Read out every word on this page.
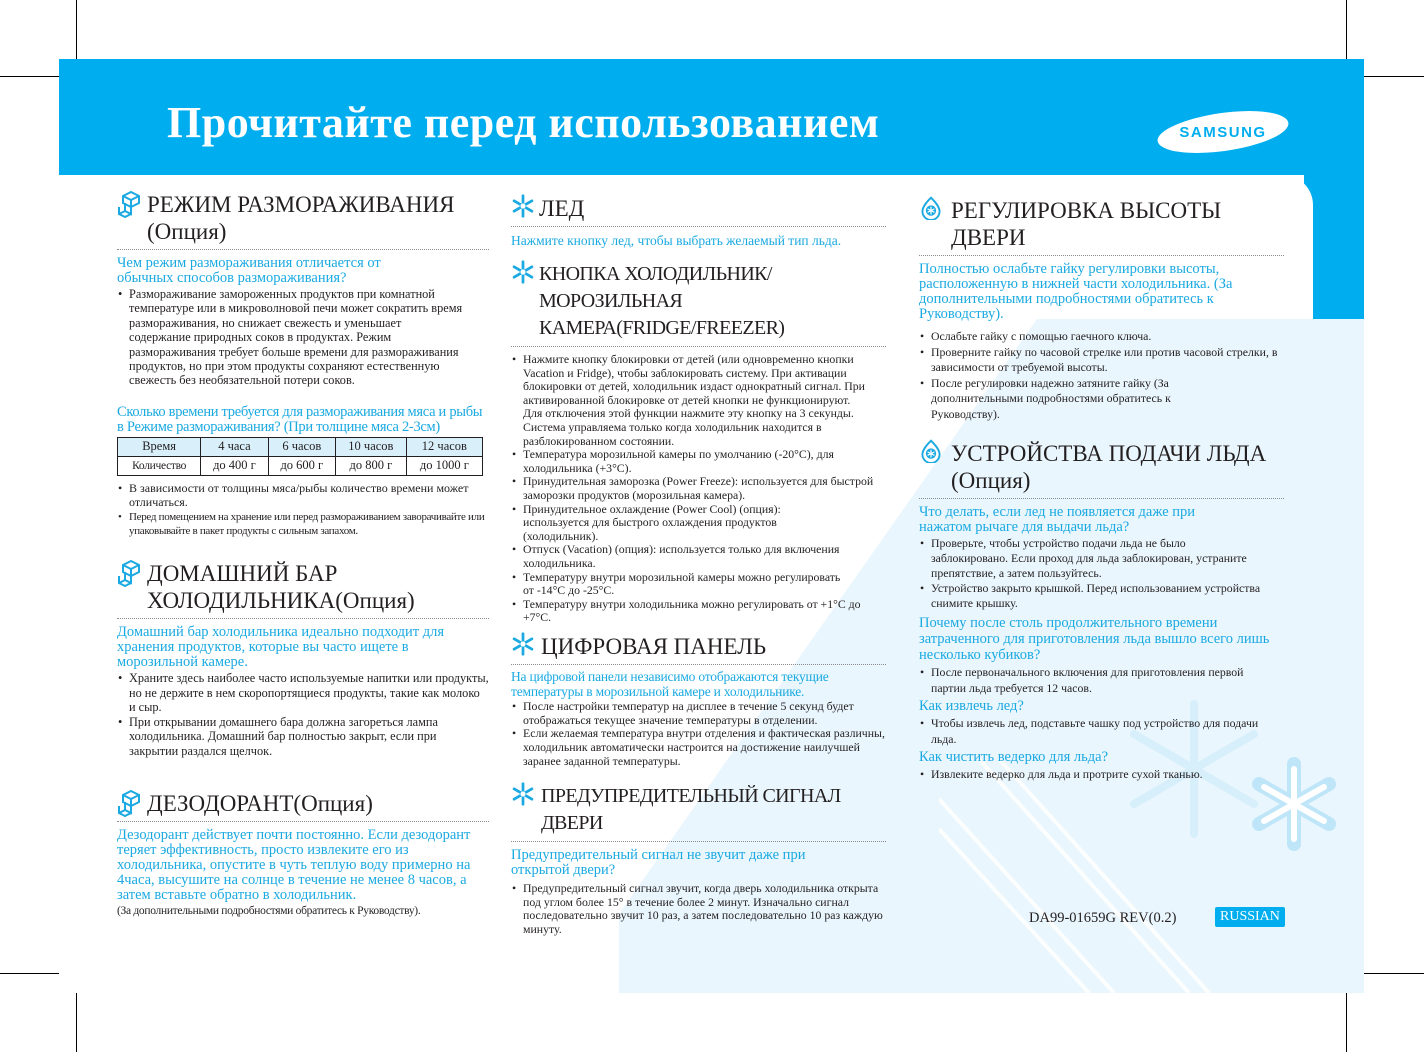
Прочитайте перед использованием	SAMSUNG
РЕЖИМ РАЗМОРАЖИВАНИЯ
(Опция)
Чем режим размораживания отличается от обычных способов размораживания?
• Размораживание замороженных продуктов при комнатной температуре или в микроволновой печи может сократить время размораживания, но снижает свежесть и уменьшает содержание природных соков в продуктах. Режим размораживания требует больше времени для размораживания продуктов, но при этом продукты сохраняют естественную свежесть без необязательной потери соков.
Сколько времени требуется для размораживания мяса и рыбы в Режиме размораживания? (При толщине мяса 2-3см)
Время	4 часа	6 часов	10 часов	12 часов
Количество	до 400 г	до 600 г	до 800 г	до 1000 г
• В зависимости от толщины мяса/рыбы количество времени может отличаться.
• Перед помещением на хранение или перед размораживанием заворачивайте или упаковывайте в пакет продукты с сильным запахом.
ДОМАШНИЙ БАР
ХОЛОДИЛЬНИКА(Опция)
Домашний бар холодильника идеально подходит для хранения продуктов, которые вы часто ищете в морозильной камере.
• Храните здесь наиболее часто используемые напитки или продукты, но не держите в нем скоропортящиеся продукты, такие как молоко и сыр.
• При открывании домашнего бара должна загореться лампа холодильника. Домашний бар полностью закрыт, если при закрытии раздался щелчок.
ДЕЗОДОРАНТ(Опция)
Дезодорант действует почти постоянно. Если дезодорант теряет эффективность, просто извлеките его из холодильника, опустите в чуть теплую воду примерно на 4часа, высушите на солнце в течение не менее 8 часов, а затем вставьте обратно в холодильник.
(За дополнительными подробностями обратитесь к Руководству).
ЛЕД
Нажмите кнопку лед, чтобы выбрать желаемый тип льда.
КНОПКА ХОЛОДИЛЬНИК/МОРОЗИЛЬНАЯ
КАМЕРА(FRIDGE/FREEZER)
• Нажмите кнопку блокировки от детей (или одновременно кнопки Vacation и Fridge), чтобы заблокировать систему. При активации блокировки от детей, холодильник издаст однократный сигнал. При активированной блокировке от детей кнопки не функционируют. Для отключения этой функции нажмите эту кнопку на 3 секунды. Система управляема только когда холодильник находится в разблокированном состоянии.
• Температура морозильной камеры по умолчанию (-20°C), для холодильника (+3°C).
• Принудительная заморозка (Power Freeze): используется для быстрой заморозки продуктов (морозильная камера).
• Принудительное охлаждение (Power Cool) (опция): используется для быстрого охлаждения продуктов (холодильник).
• Отпуск (Vacation) (опция): используется только для включения холодильника.
• Температуру внутри морозильной камеры можно регулировать от -14°C до -25°C.
• Температуру внутри холодильника можно регулировать от +1°C до +7°C.
ЦИФРОВАЯ ПАНЕЛЬ
На цифровой панели независимо отображаются текущие температуры в морозильной камере и холодильнике.
• После настройки температур на дисплее в течение 5 секунд будет отображаться текущее значение температуры в отделении.
• Если желаемая температура внутри отделения и фактическая различны, холодильник автоматически настроится на достижение наилучшей заранее заданной температуры.
ПРЕДУПРЕДИТЕЛЬНЫЙ СИГНАЛ ДВЕРИ
Предупредительный сигнал не звучит даже при открытой двери?
• Предупредительный сигнал звучит, когда дверь холодильника открыта под углом более 15° в течение более 2 минут. Изначально сигнал последовательно звучит 10 раз, а затем последовательно 10 раз каждую минуту.
РЕГУЛИРОВКА ВЫСОТЫ ДВЕРИ
Полностью ослабьте гайку регулировки высоты, расположенную в нижней части холодильника. (За дополнительными подробностями обратитесь к Руководству).
• Ослабьте гайку с помощью гаечного ключа.
• Проверните гайку по часовой стрелке или против часовой стрелки, в зависимости от требуемой высоты.
• После регулировки надежно затяните гайку (За дополнительными подробностями обратитесь к Руководству).
УСТРОЙСТВА ПОДАЧИ ЛЬДА
(Опция)
Что делать, если лед не появляется даже при нажатом рычаге для выдачи льда?
• Проверьте, чтобы устройство подачи льда не было заблокировано. Если проход для льда заблокирован, устраните препятствие, а затем пользуйтесь.
• Устройство закрыто крышкой. Перед использованием устройства снимите крышку.
Почему после столь продолжительного времени затраченного для приготовления льда вышло всего лишь несколько кубиков?
• После первоначального включения для приготовления первой партии льда требуется 12 часов.
Как извлечь лед?
• Чтобы извлечь лед, подставьте чашку под устройство для подачи льда.
Как чистить ведерко для льда?
• Извлеките ведерко для льда и протрите сухой тканью.
DA99-01659G REV(0.2)	RUSSIAN
